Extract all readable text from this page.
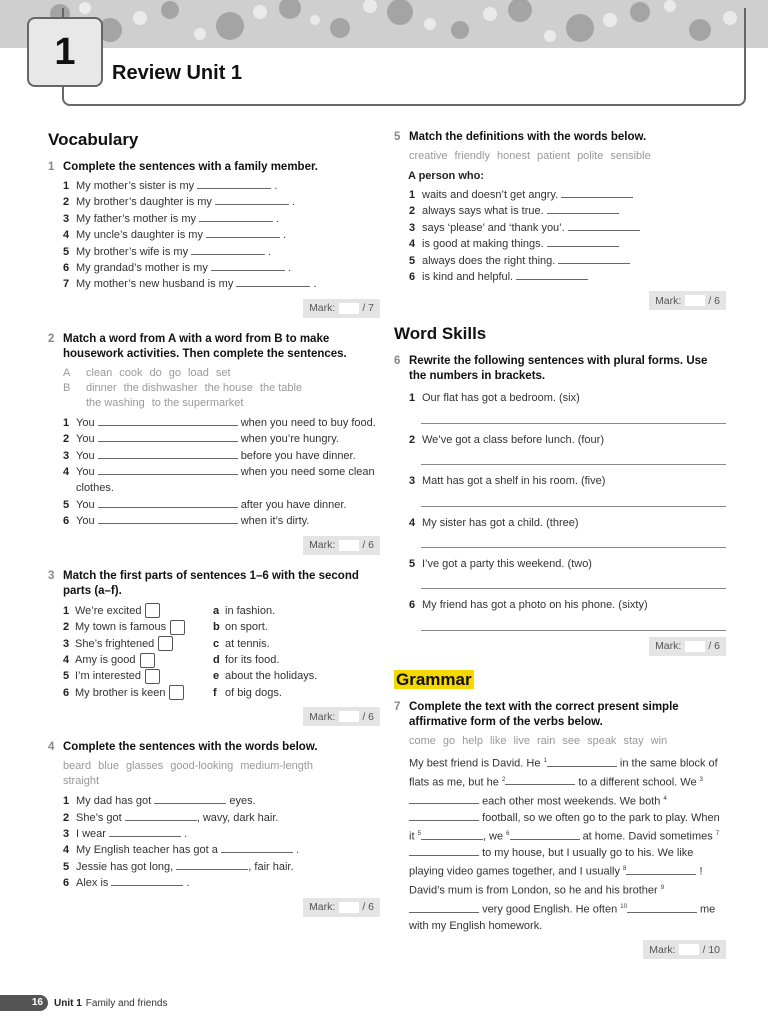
1
Review Unit 1
Vocabulary
1 Complete the sentences with a family member.
1 My mother’s sister is my	.
2 My brother’s daughter is my	.
3 My father’s mother is my	.
4 My uncle’s daughter is my	.
5 My brother’s wife is my	.
6 My grandad’s mother is my	.
7 My mother’s new husband is my	.
Mark:	/ 7
2 Match a word from A with a word from B to make housework activities. Then complete the sentences.
A	clean cook do go load set
B	dinner the dishwasher the house the table
the washing to the supermarket
1 You	when you need to buy food.
2 You	when you’re hungry.
3 You	before you have dinner.
4 You	when you need some clean clothes.
5 You	after you have dinner.
6 You	when it’s dirty.
Mark:	/ 6
3 Match the first parts of sentences 1–6 with the second parts (a–f).
1 We’re excited	a in fashion.
2 My town is famous	b on sport.
3 She’s frightened	c at tennis.
4 Amy is good	d for its food.
5 I’m interested	e about the holidays.
6 My brother is keen	f of big dogs.
Mark:	/ 6
4 Complete the sentences with the words below.
beard blue glasses good-looking medium-length
straight
1 My dad has got	eyes.
2 She’s got	, wavy, dark hair.
3 I wear	.
4 My English teacher has got a	.
5 Jessie has got long,	, fair hair.
6 Alex is	.
Mark:	/ 6
5 Match the definitions with the words below.
creative friendly honest patient polite sensible
A person who:
1 waits and doesn’t get angry.
2 always says what is true.
3 says ‘please’ and ‘thank you’.
4 is good at making things.
5 always does the right thing.
6 is kind and helpful.
Mark:	/ 6
Word Skills
6 Rewrite the following sentences with plural forms. Use the numbers in brackets.
1 Our flat has got a bedroom. (six)
2 We’ve got a class before lunch. (four)
3 Matt has got a shelf in his room. (five)
4 My sister has got a child. (three)
5 I’ve got a party this weekend. (two)
6 My friend has got a photo on his phone. (sixty)
Mark:	/ 6
Grammar
7 Complete the text with the correct present simple affirmative form of the verbs below.
come go help like live rain see speak stay win
My best friend is David. He $^1$	in the same block of flats as me, but he $^2$	to a different school. We $^3$ each other most weekends. We both $^4$ football, so we often go to the park to play. When it $^5$	, we $^6$	at home. David sometimes $^7$ to my house, but I usually go to his. We like playing video games together, and I usually $^8$	! David’s mum is from London, so he and his brother $^9$ very good English. He often $^{10}$	me with my English homework.
Mark:	/ 10
16	Unit 1 Family and friends
